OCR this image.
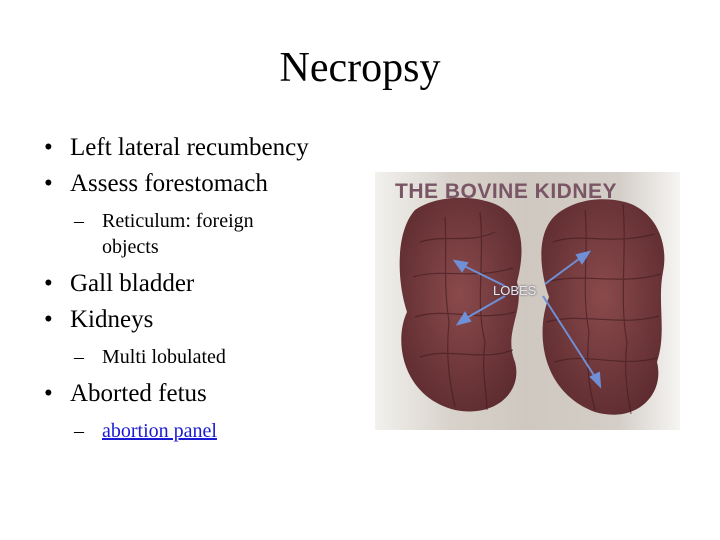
Necropsy
• Left lateral recumbency
• Assess forestomach
– Reticulum: foreign objects
• Gall bladder
• Kidneys
– Multi lobulated
• Aborted fetus
– abortion panel
THE BOVINE KIDNEY
LOBES
